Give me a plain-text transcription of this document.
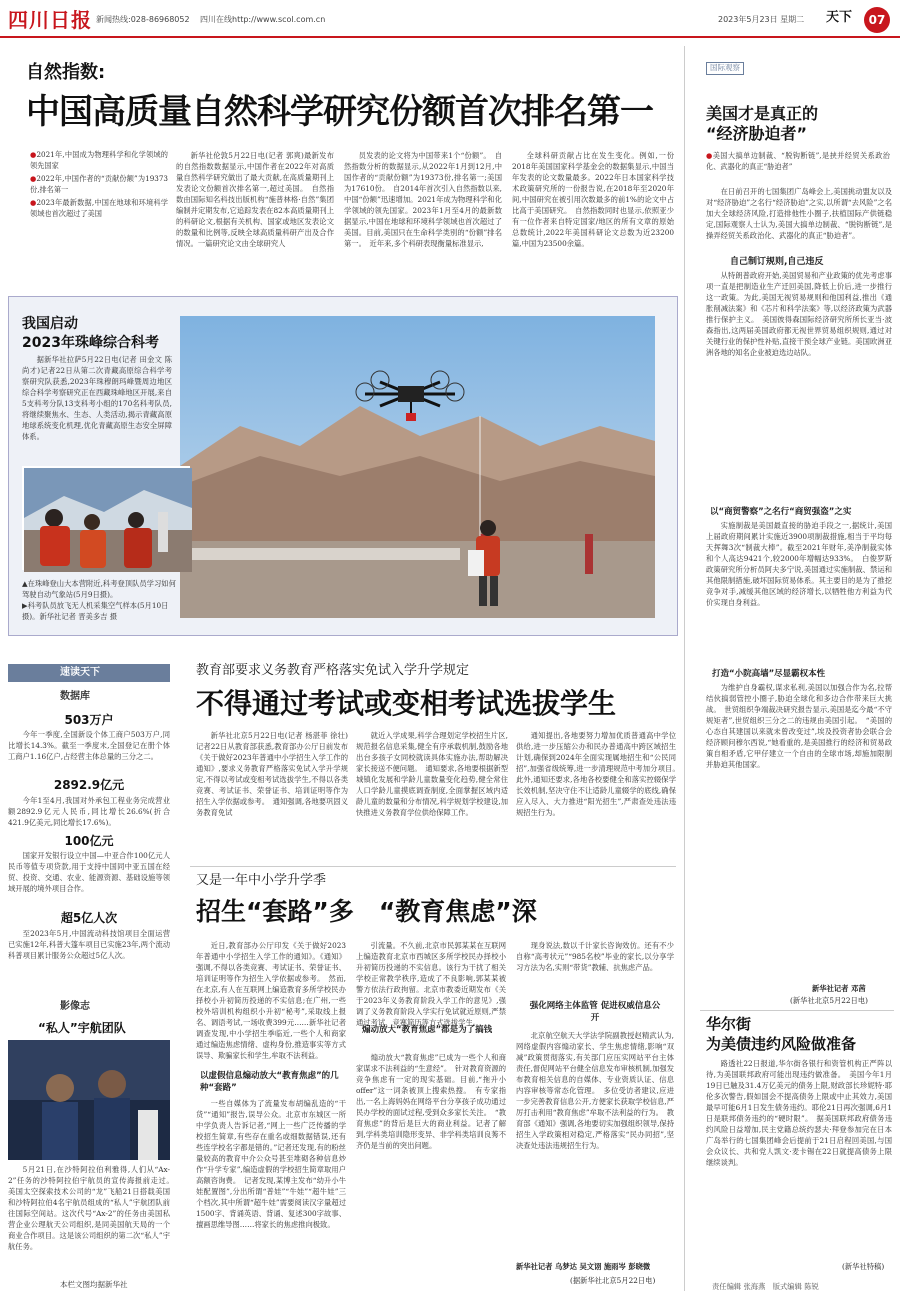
四川日报 新闻热线:028-86968052 四川在线http://www.scol.com.cn	2023年5月23日 星期二 天下	07
自然指数:
中国高质量自然科学研究份额首次排名第一
●2021年,中国成为物理科学和化学领域的领先国家
●2022年,中国作者的“贡献份额”为19373份,排名第一
●2023年最新数据,中国在地球和环境科学领域也首次超过了美国
新华社伦敦5月22日电(记者 郭爽)最新发布的自然指数数据显示,中国作者在2022年对高质量自然科学研究做出了最大贡献,在高质量期刊上发表论文份额首次排名第一,超过美国。　自然指数由国际知名科技出版机构“施普林格·自然”集团编制并定期发布,它追踪发表在82本高质量期刊上的科研论文,根据有关机构、国家或地区发表论文的数量和比例等,反映全球高质量科研产出及合作情况。一篇研究论文由全球研究人
员发表的论文将为中国带来1个“份额”。　自然指数分析的数据显示,从2022年1月到12月,中国作者的“贡献份额”为19373份,排名第一;美国为17610份。　自2014年首次引入自然指数以来,中国“份额”迅速增加。2021年成为物理科学和化学领域的领先国家。2023年1月至4月的最新数据显示,中国在地球和环境科学领域也首次超过了美国。目前,美国只在生命科学类别的“份额”排名第一。　近年来,多个科研表现衡量标准显示,
全球科研贡献占比在发生变化。例如,一份2018年美国国家科学基金会的数据集显示,中国当年发表的论文数量最多。2022年日本国家科学技术政策研究所的一份报告说,在2018年至2020年间,中国研究在被引用次数最多的前1%的论文中占比高于美国研究。　自然指数同时也显示,依照亚少有一位作者来自特定国家/地区的所有文章的原始总数统计,2022年美国科研论文总数为近23200篇,中国为23500余篇。
我国启动
2023年珠峰综合科考
据新华社拉萨5月22日电(记者 田金文 陈尚才)记者22日从第二次青藏高原综合科学考察研究队获悉,2023年珠穆朗玛峰暨周边地区综合科学考察研究正在西藏珠峰地区开展,来自5支科考分队13支科考小组的170名科考队员,将继续聚焦水、生态、人类活动,揭示青藏高原地球系统变化机理,优化青藏高原生态安全屏障体系。
▲在珠峰登山大本营附近,科考登顶队员学习如何驾驶自动气象站(5月9日摄)。
▶科考队员放飞无人机采集空气样本(5月10日摄)。新华社记者 晋美多吉 摄
速读天下
数据库
503万户
今年一季度,全国新设个体工商户503万户,同比增长14.3%。截至一季度末,全国登记在册个体工商户1.16亿户,占经营主体总量的三分之二。
2892.9亿元
今年1至4月,我国对外承包工程业务完成营业额2892.9亿元人民币,同比增长26.6%(折合421.9亿美元,同比增长17.6%)。
100亿元
国家开发银行设立中国—中亚合作100亿元人民币等值专项贷款,用于支持中国同中亚五国在经贸、投资、交通、农业、能源资源、基础设施等领域开展的境外项目合作。
超5亿人次
至2023年5月,中国流动科技馆项目全面运营已实施12年,科普大篷车项目已实施23年,两个流动科普项目累计服务公众超过5亿人次。
影像志
“私人”宇航团队
5月21日,在沙特阿拉伯利雅得,人们从“Ax-2”任务的沙特阿拉伯宇航员的宣传海报前走过。　美国太空探索技术公司的“龙”飞船21日搭载美国和沙特阿拉伯4名宇航员组成的“私人”宇航团队前往国际空间站。这次代号“Ax-2”的任务由美国私营企业公理航天公司组织,是同美国航天局的一个商业合作项目。这是该公司组织的第二次“私人”宇航任务。
本栏文图均据新华社
教育部要求义务教育严格落实免试入学升学规定
不得通过考试或变相考试选拔学生
新华社北京5月22日电(记者 杨湛菲 徐壮)记者22日从教育部获悉,教育部办公厅日前发布《关于做好2023年普通中小学招生入学工作的通知》,要求义务教育严格落实免试入学升学规定,不得以考试或变相考试选拔学生,不得以各类竞赛、考试证书、荣誉证书、培训证明等作为招生入学依据或参考。　通知强调,各地要巩固义务教育免试
就近入学成果,科学合理划定学校招生片区,规范报名信息采集,健全有序承载机制,鼓励各地出台多孩子女同校就读具体实施办法,帮助解决家长接送不便问题。　通知要求,各地要根据新型城镇化发展和学龄儿童数量变化趋势,健全常住人口学龄儿童摸底调查制度,全面掌握区域内适龄儿童的数量和分布情况,科学规划学校建设,加快推进义务教育学位供给保障工作。
通知提出,各地要努力增加优质普通高中学位供给,进一步压缩公办和民办普通高中跨区域招生计划,确保到2024年全面实现属地招生和“公民同招”,加强省级统筹,进一步清理规范中考加分项目。　此外,通知还要求,各地各校要健全和落实控辍保学长效机制,坚决守住不让适龄儿童辍学的底线,确保应入尽入、大力推进“阳光招生”,严肃查处违法违规招生行为。
又是一年中小学升学季
招生“套路”多　“教育焦虑”深
近日,教育部办公厅印发《关于做好2023年普通中小学招生入学工作的通知》。《通知》强调,不得以各类竞赛、考试证书、荣誉证书、培训证明等作为招生入学依据或参考。　然而,在北京,有人在互联网上编造教育多所学校民办择校小升初简历投递的不实信息;在广州,一些校外培训机构组织小升初“秘考”,采取线上报名、调语考试,一场收费399元……新华社记者调查发现,中小学招生季临近,一些个人和商家通过编造焦虑情绪、虚构身份,推造事实等方式误导、欺骗家长和学生,牟取不法利益。
以虚假信息煽动放大“教育焦虑”的几种“套路”
一些自媒体为了流量发布胡编乱造的“干货”“通知”报告,误导公众。北京市东城区一所中学负责人告诉记者,“网上一些广泛传播的学校招生简章,有些存在重名或细数据错误,还有些连学校名字都是错的。”记者还发现,有的粉丝量较高的教育中介公众号甚至堆砌各种信息炒作“升学专家”,编造虚假的学校招生简章取用户高额咨询费。　记者发现,某博主发布“幼升小牛娃配置图”,分出所谓“普娃”“牛娃”“超牛娃”三个档次,其中所谓“超牛娃”需要阅读汉字量超过1500字、背诵英语、背诵、复述300字故事、擅画思维导图……将家长的焦虑推向极致。
引流量。不久前,北京市民郭某某在互联网上编造教育北京市西城区多所学校民办择校小升初简历投递的不实信息。该行为干扰了相关学校正常教学秩序,造成了不良影响,郭某某被警方依法行政拘留。北京市教委近期发布《关于2023年义务教育阶段入学工作的意见》,强调了义务教育阶段入学实行免试就近原则,严禁通过考试、竞赛简历等方式选拔学生。
煽动放大“教育焦虑”都是为了搞钱
煽动放大“教育焦虑”已成为一些个人和商家谋求不法利益的“生意经”。　针对教育资源的竞争焦虑有一定的现实基础。目前,“拖升小offer”这一词条被顶上搜索热搜。　有专家指出,一名上海妈妈在网络平台分享孩子成功通过民办学校的面试过程,受到众多家长关注。　“教育焦虑”的背后是巨大的商业利益。记者了解到,学科类培训隐形变异、非学科类培训良莠不齐仍是当前的突出问题。
现身说法,数以千计家长咨询效仿。还有不少自称“高考状元”“985名校”毕业的家长,以分享学习方法为名,实则“带货”教辅、抗焦虑产品。
强化网络主体监管 促进权威信息公开
北京航空航天大学法学院副教授赵精武认为,网络虚假内容煽动家长、学生焦虑情绪,影响“双减”政策贯彻落实,有关部门应压实网站平台主体责任,督促网站平台健全信息发布审核机制,加强发布教育相关信息的自媒体、专业资质认证、信息内容审核等常态化管理。　多位受访者建议,应进一步完善教育信息公开,方便家长获取学校信息,严厉打击利用“教育焦虑”牟取不法利益的行为。　教育部《通知》强调,各地要切实加强组织领导,保持招生入学政策相对稳定,严格落实“民办同招”,坚决查处违法违规招生行为。
新华社记者 乌梦达 吴文诩 施雨岑 彭晓微
(据新华社北京5月22日电)
国际观察
美国才是真正的
“经济胁迫者”
●美国大搞单边制裁、“脱钩断链”,是挟并经贸关系政治化、武器化的真正“胁迫者”
在日前召开的七国集团广岛峰会上,美国挑动盟友以及对“经济胁迫”之名行“经济胁迫”之实,以所谓“去风险”之名加大全球经济风险,打造排他性小圈子,扶植国际产供链稳定,国际观察人士认为,美国大搞单边制裁、“脱钩断链”,是操弄经贸关系政治化、武器化的真正“胁迫者”。
自己制订规则,自己违反
从特朗普政府开始,美国贸易和产业政策的优先考虑事项一直是把制造业生产迁回美国,降低上价后,进一步推行这一政策。为此,美国无视贸易规则和他国利益,推出《通胀削减法案》和《芯片和科学法案》等,以经济政策为武器推行保护主义。　美国彼得森国际经济研究所所长亚当·波森指出,这两届美国政府都无视世界贸易组织规则,通过对关键行业的保护性补贴,直接干预全球产业链。美国欧洲亚洲各地的知名企业被迫选边站队。
以“商贸警察”之名行“商贸强盗”之实
实施制裁是美国最直接的胁迫手段之一,据统计,美国上届政府期间累计实施近3900项制裁措施,相当于平均每天挥舞3次“制裁大棒”。截至2021年财年,美净制裁实体和个人高达9421个,较2000年增幅达933%。　白俊罗斯政策研究所分析员阿夫多宁说,美国通过实施制裁、禁运和其他限制措施,破坏国际贸易体系。其主要目的是为了推挖竞争对手,减缓其他区域的经济增长,以牺牲他方利益为代价实现自身利益。
打造“小院高墙”尽显霸权本性
为维护自身霸权,谋求私利,美国以加强合作为名,拉帮结伙搞弱管控小圈子,胁迫全球化和多边合作带来巨大挑战。　世贸组织争端裁决研究报告显示,美国是迄今最“不守规矩者”,世贸组织三分之二的违规由美国引起。　“美国的心态自其建国以来就未曾改变过”,埃及投资者协会联合会经济顾问穆尔西说,“她看重的,是美国推行的经济和贸易政策自相矛盾,它甲仔建立一个自由的全球市场,却施加限制并胁迫其他国家。
新华社记者 邓茜
(新华社北京5月22日电)
华尔街
为美债违约风险做准备
路透社22日报道,华尔街各银行和资管机构正严阵以待,为美国联邦政府可能出现违约做准备。　美国今年1月19日已触及31.4万亿美元的债务上限,财政部长珍妮特·耶伦多次警告,假如国会不提高债务上限或中止其效力,美国最早可能6月1日发生债务违约。耶伦21日再次强调,6月1日是联邦债务违约的“硬时限”。　据美国联邦政府债务违约风险日益增加,民主党籍总统约瑟夫·拜登参加完在日本广岛举行的七国集团峰会后提前于21日启程回美国,与国会众议长、共和党人凯文·麦卡锡在22日就提高债务上限继续谈判。
(新华社特稿)
责任编辑 张海燕　版式编辑 陈锐
